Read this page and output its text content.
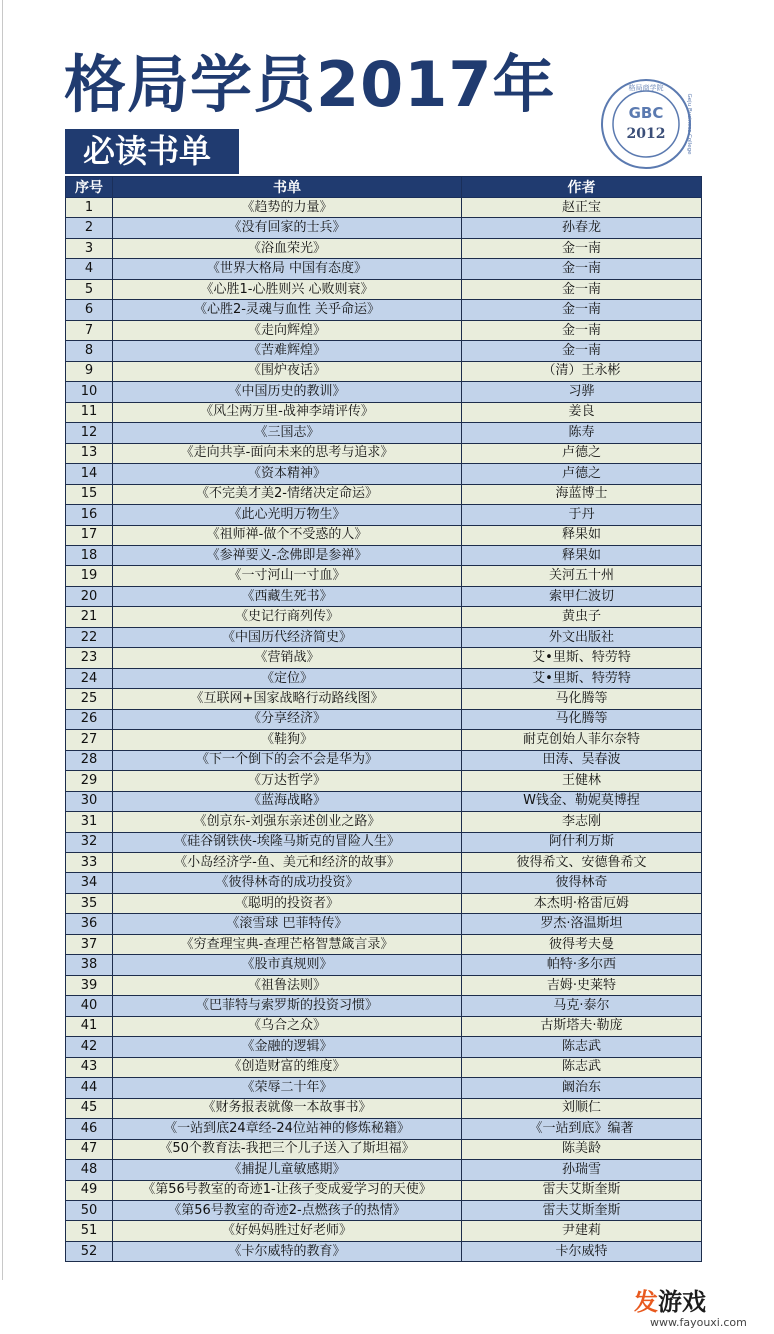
格局学员2017年
必读书单
GBC
2012
格局商学院
Geju Business College
序号	书单	作者
1	《趋势的力量》	赵正宝
2	《没有回家的士兵》	孙春龙
3	《浴血荣光》	金一南
4	《世界大格局 中国有态度》	金一南
5	《心胜1-心胜则兴 心败则衰》	金一南
6	《心胜2-灵魂与血性 关乎命运》	金一南
7	《走向辉煌》	金一南
8	《苦难辉煌》	金一南
9	《围炉夜话》	（清）王永彬
10	《中国历史的教训》	习骅
11	《风尘两万里-战神李靖评传》	姜良
12	《三国志》	陈寿
13	《走向共享-面向未来的思考与追求》	卢德之
14	《资本精神》	卢德之
15	《不完美才美2-情绪决定命运》	海蓝博士
16	《此心光明万物生》	于丹
17	《祖师禅-做个不受惑的人》	释果如
18	《参禅要义-念佛即是参禅》	释果如
19	《一寸河山一寸血》	关河五十州
20	《西藏生死书》	索甲仁波切
21	《史记行商列传》	黄虫子
22	《中国历代经济简史》	外文出版社
23	《营销战》	艾•里斯、特劳特
24	《定位》	艾•里斯、特劳特
25	《互联网+国家战略行动路线图》	马化腾等
26	《分享经济》	马化腾等
27	《鞋狗》	耐克创始人菲尔奈特
28	《下一个倒下的会不会是华为》	田涛、吴春波
29	《万达哲学》	王健林
30	《蓝海战略》	W钱金、勒妮莫博捏
31	《创京东-刘强东亲述创业之路》	李志刚
32	《硅谷钢铁侠-埃隆马斯克的冒险人生》	阿什利万斯
33	《小岛经济学-鱼、美元和经济的故事》	彼得希文、安德鲁希文
34	《彼得林奇的成功投资》	彼得林奇
35	《聪明的投资者》	本杰明·格雷厄姆
36	《滚雪球 巴菲特传》	罗杰·洛温斯坦
37	《穷查理宝典-查理芒格智慧箴言录》	彼得考夫曼
38	《股市真规则》	帕特·多尔西
39	《祖鲁法则》	吉姆·史莱特
40	《巴菲特与索罗斯的投资习惯》	马克·泰尔
41	《乌合之众》	古斯塔夫·勒庞
42	《金融的逻辑》	陈志武
43	《创造财富的维度》	陈志武
44	《荣辱二十年》	阚治东
45	《财务报表就像一本故事书》	刘顺仁
46	《一站到底24章经-24位站神的修炼秘籍》	《一站到底》编著
47	《50个教育法-我把三个儿子送入了斯坦福》	陈美龄
48	《捕捉儿童敏感期》	孙瑞雪
49	《第56号教室的奇迹1-让孩子变成爱学习的天使》	雷夫艾斯奎斯
50	《第56号教室的奇迹2-点燃孩子的热情》	雷夫艾斯奎斯
51	《好妈妈胜过好老师》	尹建莉
52	《卡尔威特的教育》	卡尔威特
发游戏
www.fayouxi.com
